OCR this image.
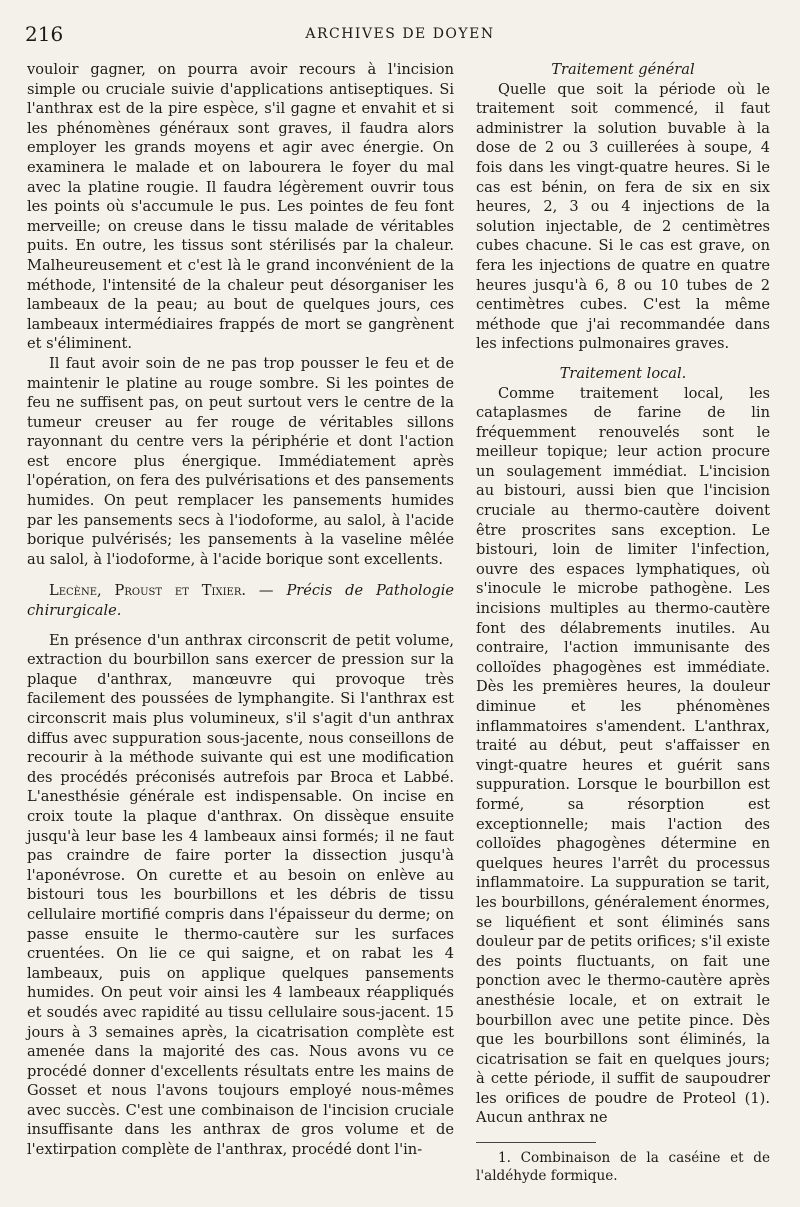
216	ARCHIVES DE DOYEN

vouloir gagner, on pourra avoir recours à l'incision simple ou cruciale suivie d'applications antiseptiques. Si l'anthrax est de la pire espèce, s'il gagne et envahit et si les phénomènes généraux sont graves, il faudra alors employer les grands moyens et agir avec énergie. On examinera le malade et on labourera le foyer du mal avec la platine rougie. Il faudra légèrement ouvrir tous les points où s'accumule le pus. Les pointes de feu font merveille; on creuse dans le tissu malade de véritables puits. En outre, les tissus sont stérilisés par la chaleur. Malheureusement et c'est là le grand inconvénient de la méthode, l'intensité de la chaleur peut désorganiser les lambeaux de la peau; au bout de quelques jours, ces lambeaux intermédiaires frappés de mort se gangrènent et s'éliminent.

Il faut avoir soin de ne pas trop pousser le feu et de maintenir le platine au rouge sombre. Si les pointes de feu ne suffisent pas, on peut surtout vers le centre de la tumeur creuser au fer rouge de véritables sillons rayonnant du centre vers la périphérie et dont l'action est encore plus énergique. Immédiatement après l'opération, on fera des pulvérisations et des pansements humides. On peut remplacer les pansements humides par les pansements secs à l'iodoforme, au salol, à l'acide borique pulvérisés; les pansements à la vaseline mêlée au salol, à l'iodoforme, à l'acide borique sont excellents.

Lecène, Proust et Tixier. — Précis de Pathologie chirurgicale.

En présence d'un anthrax circonscrit de petit volume, extraction du bourbillon sans exercer de pression sur la plaque d'anthrax, manœuvre qui provoque très facilement des poussées de lymphangite. Si l'anthrax est circonscrit mais plus volumineux, s'il s'agit d'un anthrax diffus avec suppuration sous-jacente, nous conseillons de recourir à la méthode suivante qui est une modification des procédés préconisés autrefois par Broca et Labbé. L'anesthésie générale est indispensable. On incise en croix toute la plaque d'anthrax. On dissèque ensuite jusqu'à leur base les 4 lambeaux ainsi formés; il ne faut pas craindre de faire porter la dissection jusqu'à l'aponévrose. On curette et au besoin on enlève au bistouri tous les bourbillons et les débris de tissu cellulaire mortifié compris dans l'épaisseur du derme; on passe ensuite le thermo-cautère sur les surfaces cruentées. On lie ce qui saigne, et on rabat les 4 lambeaux, puis on applique quelques pansements humides. On peut voir ainsi les 4 lambeaux réappliqués et soudés avec rapidité au tissu cellulaire sous-jacent. 15 jours à 3 semaines après, la cicatrisation complète est amenée dans la majorité des cas. Nous avons vu ce procédé donner d'excellents résultats entre les mains de Gosset et nous l'avons toujours employé nous-mêmes avec succès. C'est une combinaison de l'incision cruciale insuffisante dans les anthrax de gros volume et de l'extirpation complète de l'anthrax, procédé dont l'in-

Traitement général

Quelle que soit la période où le traitement soit commencé, il faut administrer la solution buvable à la dose de 2 ou 3 cuillerées à soupe, 4 fois dans les vingt-quatre heures. Si le cas est bénin, on fera de six en six heures, 2, 3 ou 4 injections de la solution injectable, de 2 centimètres cubes chacune. Si le cas est grave, on fera les injections de quatre en quatre heures jusqu'à 6, 8 ou 10 tubes de 2 centimètres cubes. C'est la même méthode que j'ai recommandée dans les infections pulmonaires graves.

Traitement local.

Comme traitement local, les cataplasmes de farine de lin fréquemment renouvelés sont le meilleur topique; leur action procure un soulagement immédiat. L'incision au bistouri, aussi bien que l'incision cruciale au thermo-cautère doivent être proscrites sans exception. Le bistouri, loin de limiter l'infection, ouvre des espaces lymphatiques, où s'inocule le microbe pathogène. Les incisions multiples au thermo-cautère font des délabrements inutiles. Au contraire, l'action immunisante des colloïdes phagogènes est immédiate. Dès les premières heures, la douleur diminue et les phénomènes inflammatoires s'amendent. L'anthrax, traité au début, peut s'affaisser en vingt-quatre heures et guérit sans suppuration. Lorsque le bourbillon est formé, sa résorption est exceptionnelle; mais l'action des colloïdes phagogènes détermine en quelques heures l'arrêt du processus inflammatoire. La suppuration se tarit, les bourbillons, généralement énormes, se liquéfient et sont éliminés sans douleur par de petits orifices; s'il existe des points fluctuants, on fait une ponction avec le thermo-cautère après anesthésie locale, et on extrait le bourbillon avec une petite pince. Dès que les bourbillons sont éliminés, la cicatrisation se fait en quelques jours; à cette période, il suffit de saupoudrer les orifices de poudre de Proteol (1). Aucun anthrax ne

1. Combinaison de la caséine et de l'aldéhyde formique.
